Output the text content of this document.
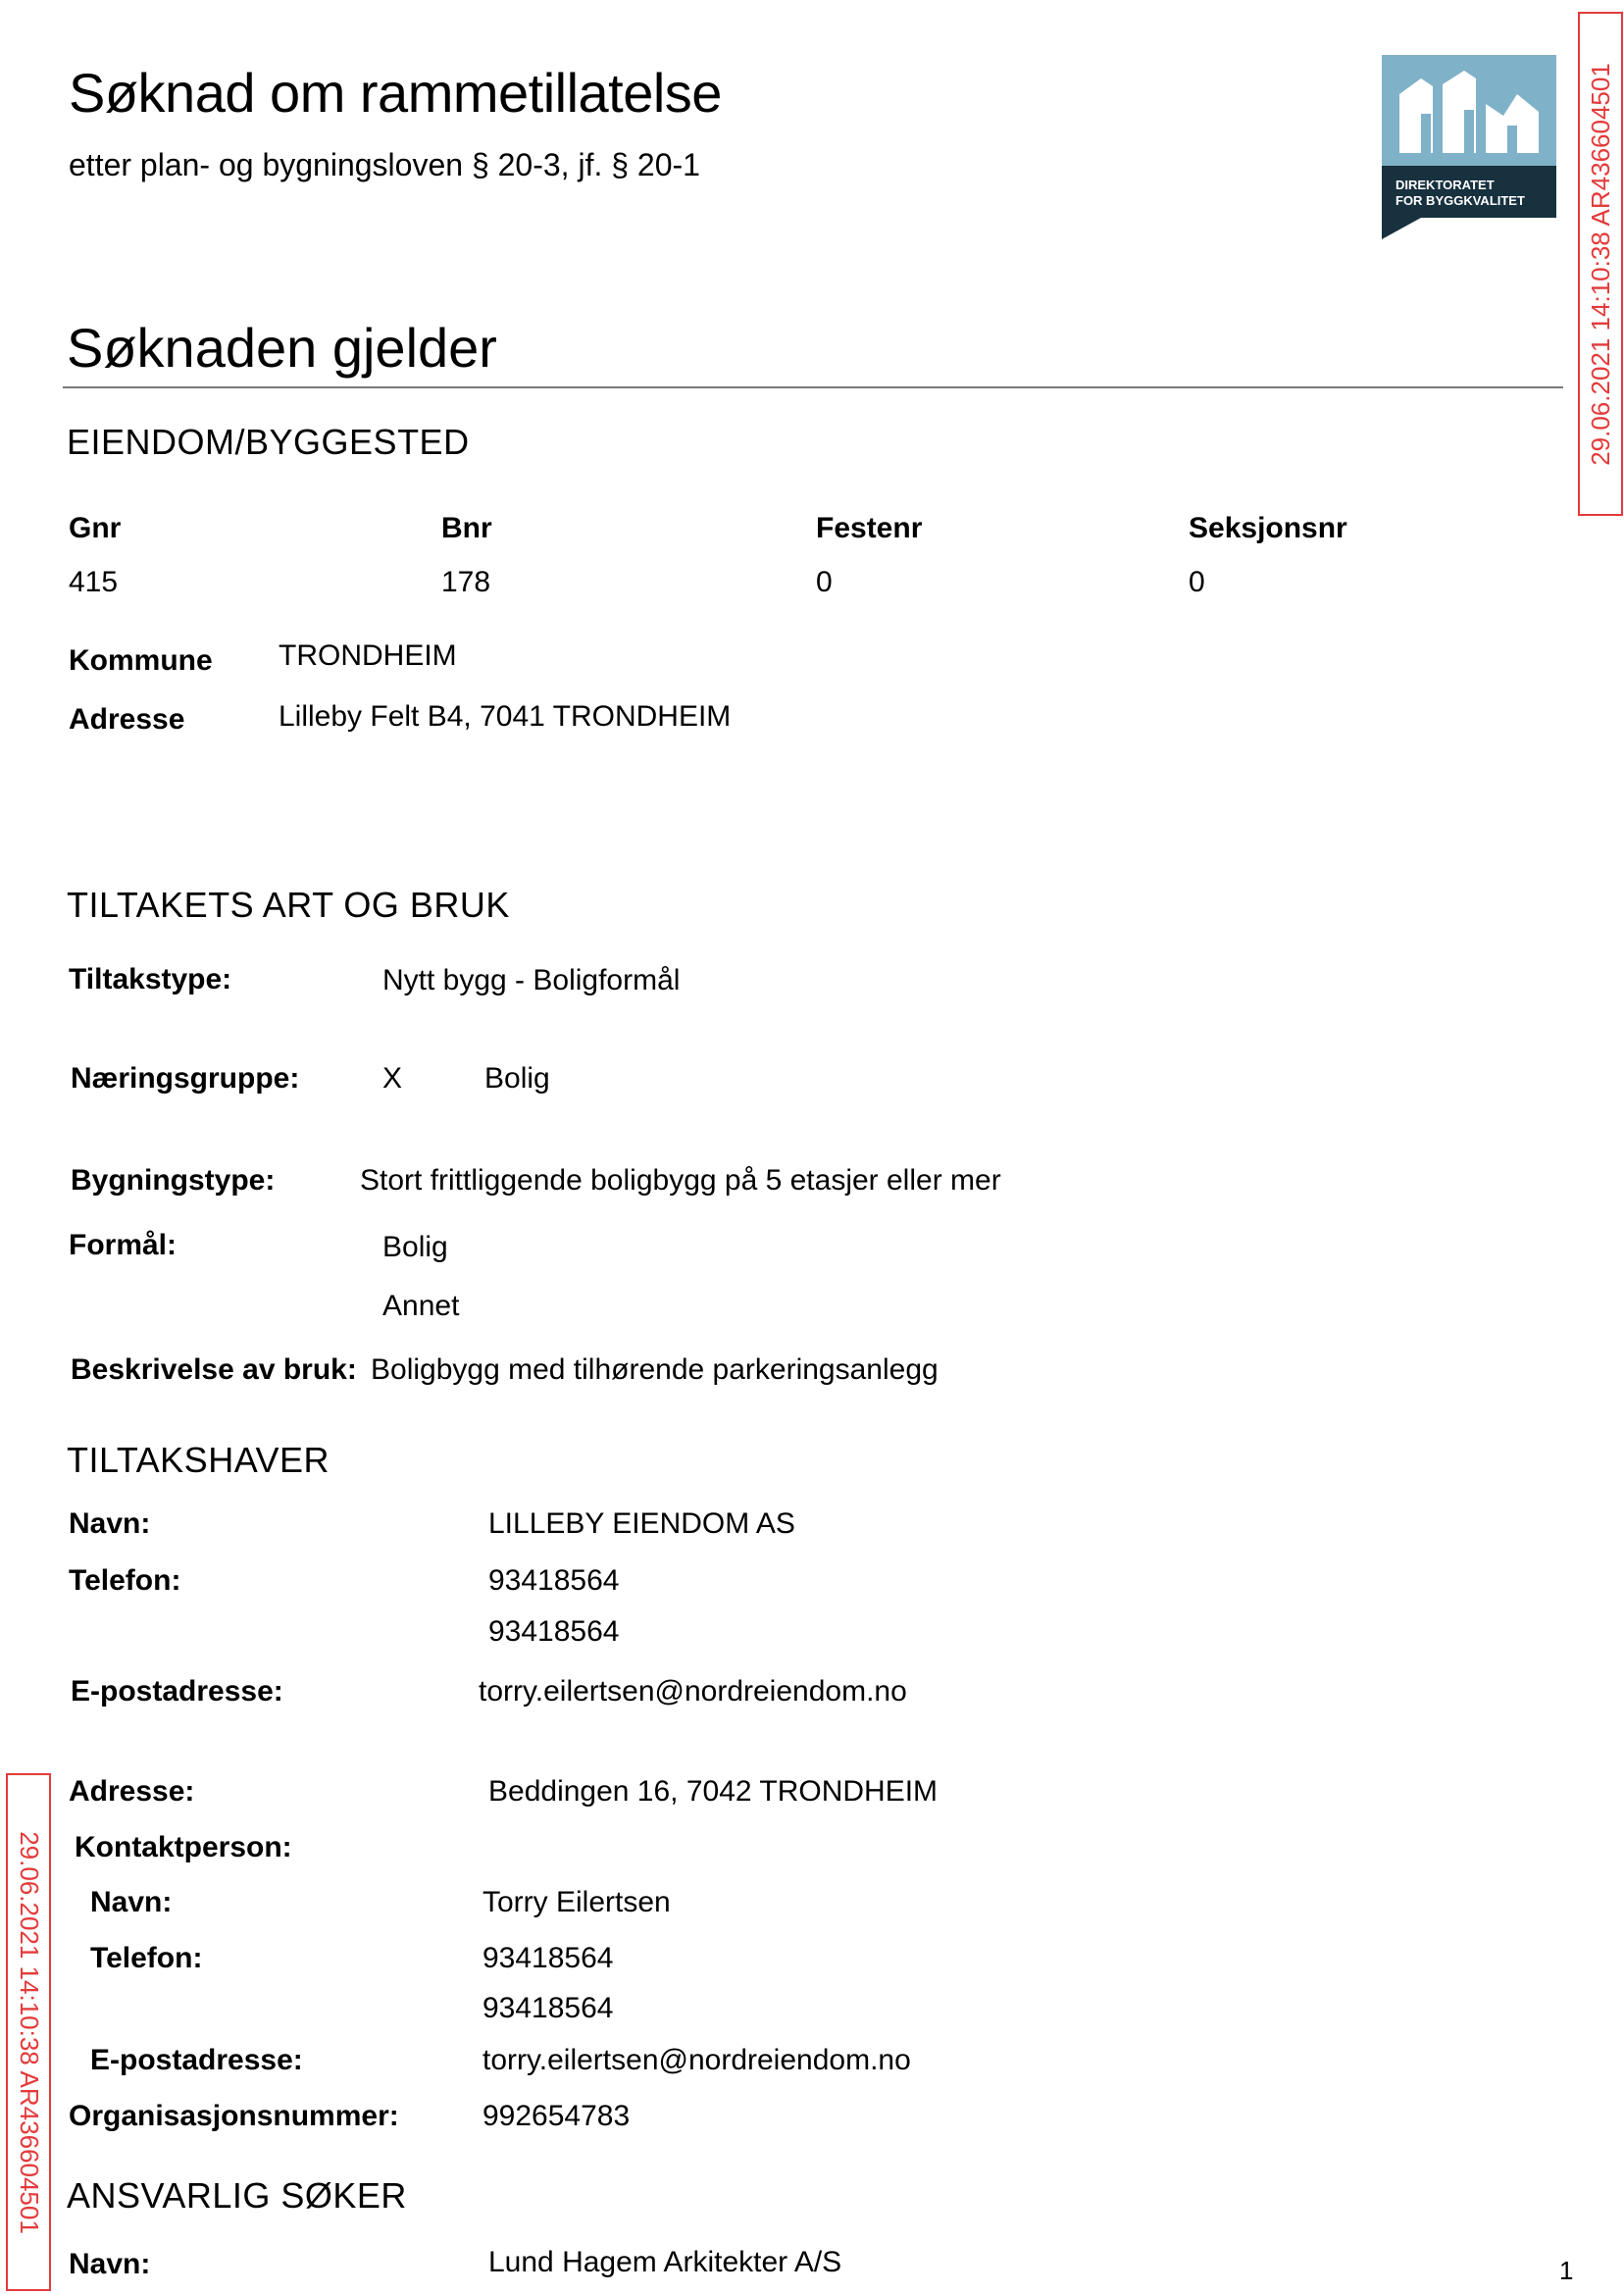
Søknad om rammetillatelse
etter plan- og bygningsloven § 20-3, jf. § 20-1
DIREKTORATET
FOR BYGGKVALITET 29.06.2021 14:10:38 AR436604501
29.06.2021 14:10:38 AR436604501
Søknaden gjelder
EIENDOM/BYGGESTED
Gnr	Bnr	Festenr	Seksjonsnr
415	178	0	0
Kommune TRONDHEIM
Adresse	Lilleby Felt B4, 7041 TRONDHEIM
TILTAKETS ART OG BRUK
Tiltakstype:	Nytt bygg - Boligformål
Næringsgruppe:	X	Bolig
Bygningstype:	Stort frittliggende boligbygg på 5 etasjer eller mer
Formål:	Bolig
Annet
Beskrivelse av bruk: Boligbygg med tilhørende parkeringsanlegg
TILTAKSHAVER
Navn:	LILLEBY EIENDOM AS
Telefon:	93418564
93418564
E-postadresse:	torry.eilertsen@nordreiendom.no
Adresse:	Beddingen 16, 7042 TRONDHEIM
Kontaktperson:
Navn:	Torry Eilertsen
Telefon:	93418564
93418564
E-postadresse:	torry.eilertsen@nordreiendom.no
Organisasjonsnummer:	992654783
ANSVARLIG SØKER
Navn:	Lund Hagem Arkitekter A/S	1
